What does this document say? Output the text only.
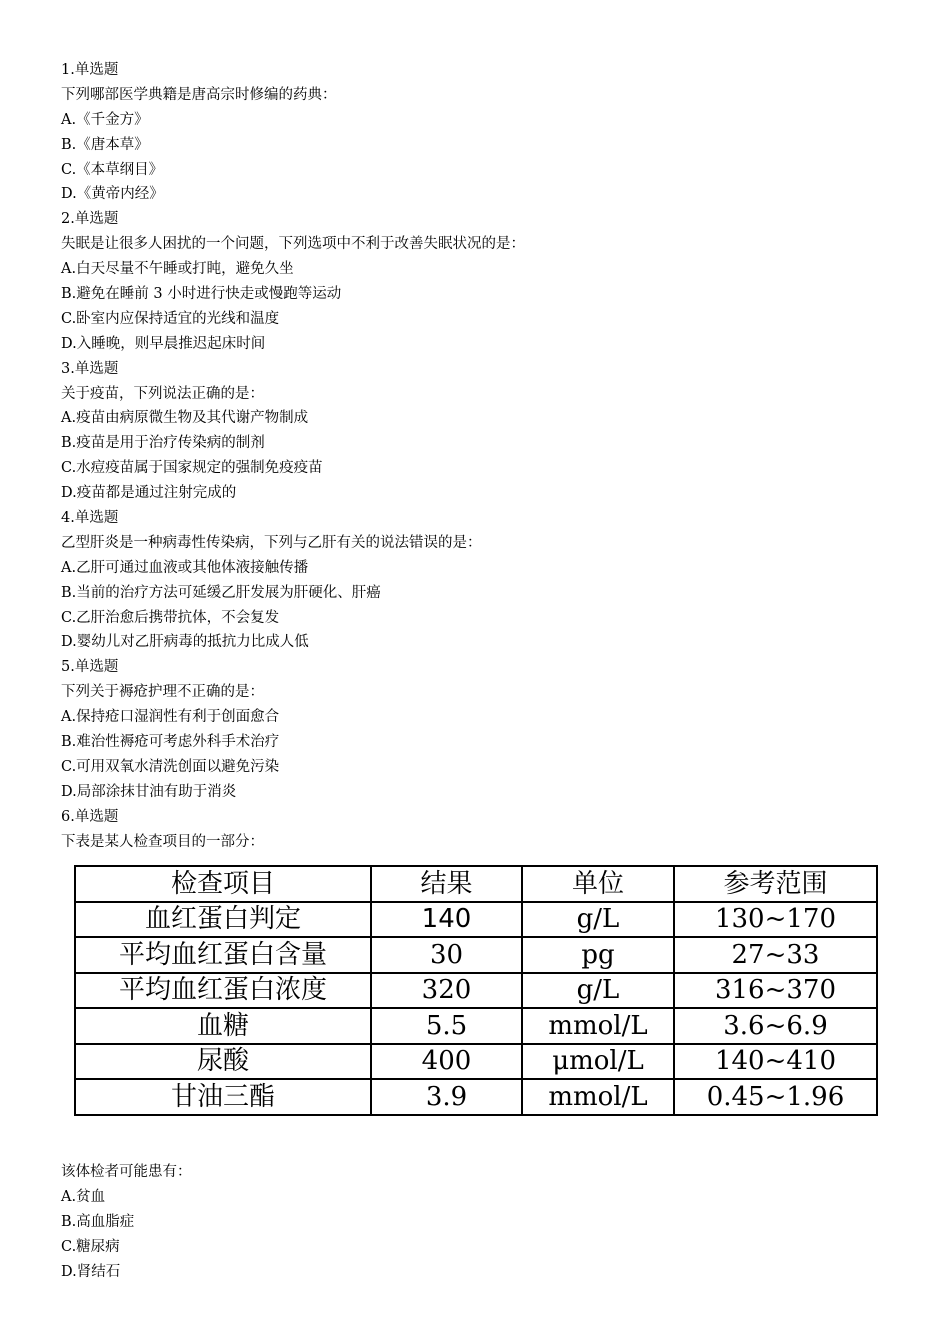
1.单选题
下列哪部医学典籍是唐高宗时修编的药典：
A.《千金方》
B.《唐本草》
C.《本草纲目》
D.《黄帝内经》
2.单选题
失眠是让很多人困扰的一个问题，下列选项中不利于改善失眠状况的是：
A.白天尽量不午睡或打盹，避免久坐
B.避免在睡前 3 小时进行快走或慢跑等运动
C.卧室内应保持适宜的光线和温度
D.入睡晚，则早晨推迟起床时间
3.单选题
关于疫苗，下列说法正确的是：
A.疫苗由病原微生物及其代谢产物制成
B.疫苗是用于治疗传染病的制剂
C.水痘疫苗属于国家规定的强制免疫疫苗
D.疫苗都是通过注射完成的
4.单选题
乙型肝炎是一种病毒性传染病，下列与乙肝有关的说法错误的是：
A.乙肝可通过血液或其他体液接触传播
B.当前的治疗方法可延缓乙肝发展为肝硬化、肝癌
C.乙肝治愈后携带抗体，不会复发
D.婴幼儿对乙肝病毒的抵抗力比成人低
5.单选题
下列关于褥疮护理不正确的是：
A.保持疮口湿润性有利于创面愈合
B.难治性褥疮可考虑外科手术治疗
C.可用双氧水清洗创面以避免污染
D.局部涂抹甘油有助于消炎
6.单选题
下表是某人检查项目的一部分：
检查项目	结果	单位	参考范围
血红蛋白判定	140	g/L	130~170
平均血红蛋白含量	30	pg	27~33
平均血红蛋白浓度	320	g/L	316~370
血糖	5.5	mmol/L	3.6~6.9
尿酸	400	μmol/L	140~410
甘油三酯	3.9	mmol/L	0.45~1.96
该体检者可能患有：
A.贫血
B.高血脂症
C.糖尿病
D.肾结石
